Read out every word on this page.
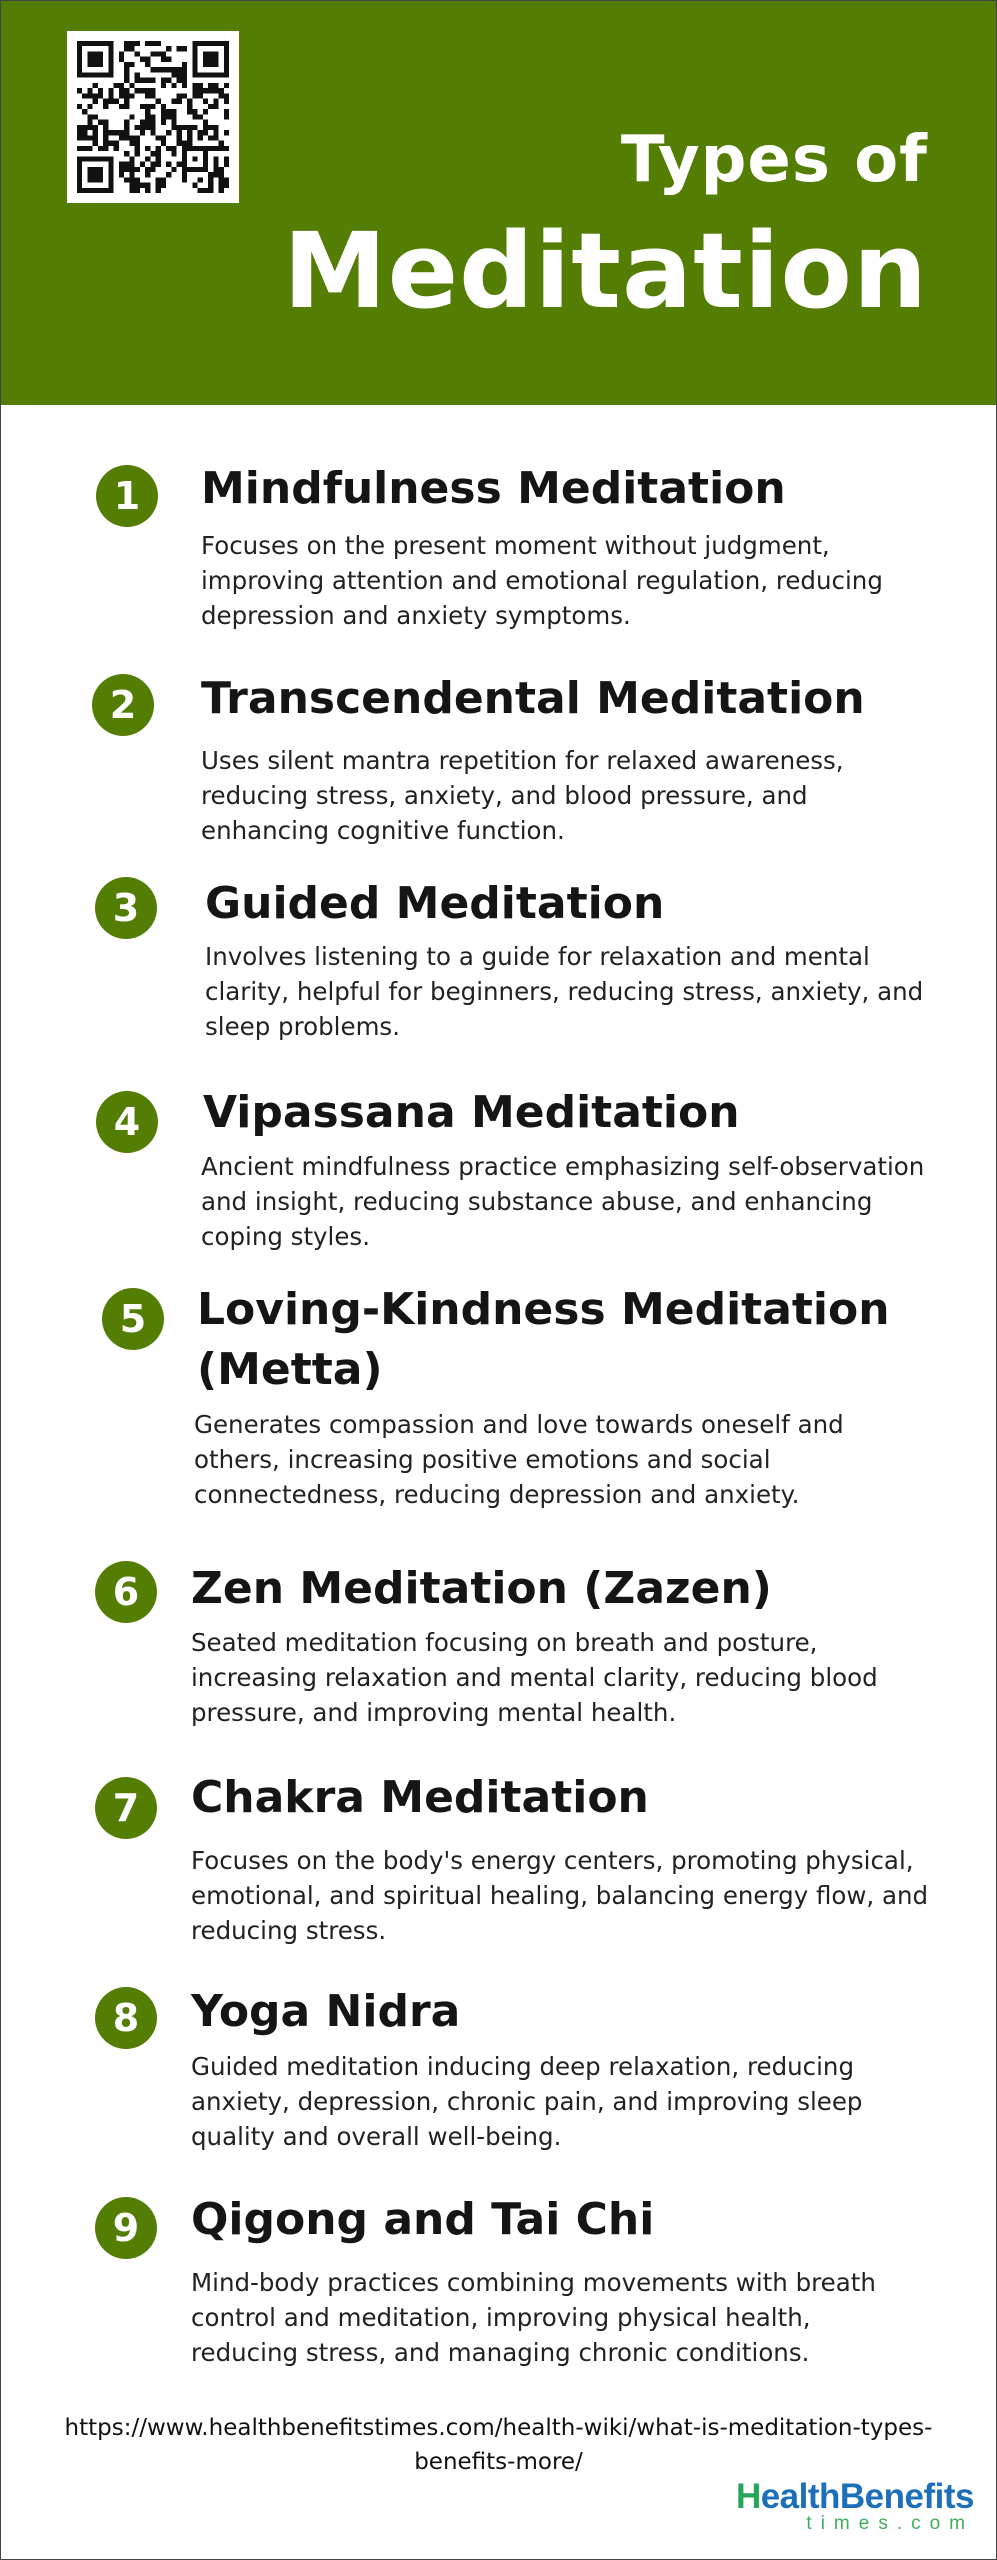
Types of
Meditation
1	Mindfulness Meditation
Focuses on the present moment without judgment, improving attention and emotional regulation, reducing depression and anxiety symptoms.
2	Transcendental Meditation
Uses silent mantra repetition for relaxed awareness, reducing stress, anxiety, and blood pressure, and enhancing cognitive function.
3	Guided Meditation
Involves listening to a guide for relaxation and mental clarity, helpful for beginners, reducing stress, anxiety, and sleep problems.
4	Vipassana Meditation
Ancient mindfulness practice emphasizing self-observation and insight, reducing substance abuse, and enhancing coping styles.
5	Loving-Kindness Meditation (Metta)
Generates compassion and love towards oneself and others, increasing positive emotions and social connectedness, reducing depression and anxiety.
6	Zen Meditation (Zazen)
Seated meditation focusing on breath and posture, increasing relaxation and mental clarity, reducing blood pressure, and improving mental health.
7	Chakra Meditation
Focuses on the body's energy centers, promoting physical, emotional, and spiritual healing, balancing energy flow, and reducing stress.
8	Yoga Nidra
Guided meditation inducing deep relaxation, reducing anxiety, depression, chronic pain, and improving sleep quality and overall well-being.
9	Qigong and Tai Chi
Mind-body practices combining movements with breath control and meditation, improving physical health, reducing stress, and managing chronic conditions.
https://www.healthbenefitstimes.com/health-wiki/what-is-meditation-types-benefits-more/
HealthBenefits
times.com
